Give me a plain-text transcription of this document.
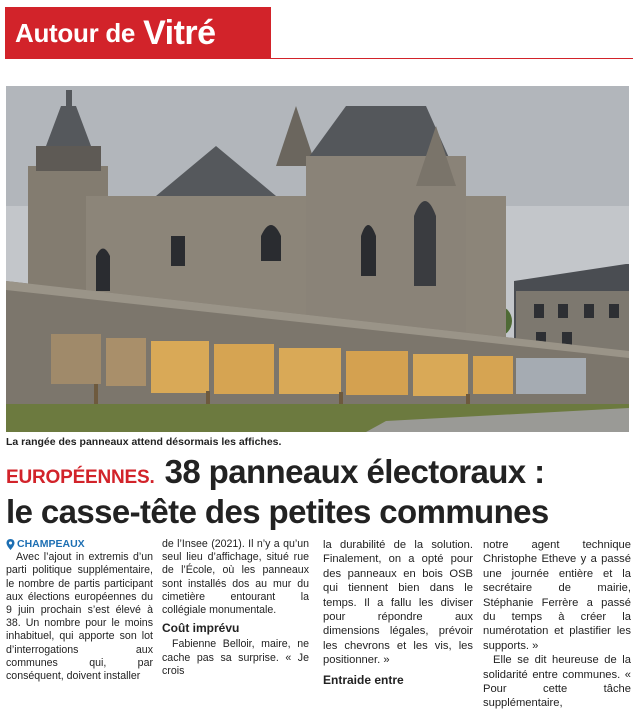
Autour de Vitré
La rangée des panneaux attend désormais les affiches.
EUROPÉENNES. 38 panneaux électoraux :
le casse-tête des petites communes
CHAMPEAUX

Avec l’ajout in extremis d’un parti politique supplémentaire, le nombre de partis participant aux élections européennes du 9 juin prochain s’est élevé à 38. Un nombre pour le moins inhabituel, qui apporte son lot d’interrogations aux communes qui, par conséquent, doivent installer

de l’Insee (2021). Il n’y a qu’un seul lieu d’affichage, situé rue de l’École, où les panneaux sont installés dos au mur du cimetière entourant la collégiale monumentale.

Coût imprévu

Fabienne Belloir, maire, ne cache pas sa surprise. « Je crois

la durabilité de la solution. Finalement, on a opté pour des panneaux en bois OSB qui tiennent bien dans le temps. Il a fallu les diviser pour répondre aux dimensions légales, prévoir les chevrons et les vis, les positionner. »

Entraide entre

notre agent technique Christophe Etheve y a passé une journée entière et la secrétaire de mairie, Stéphanie Ferrère a passé du temps à créer la numérotation et plastifier les supports. »

Elle se dit heureuse de la solidarité entre communes. « Pour cette tâche supplémentaire,
